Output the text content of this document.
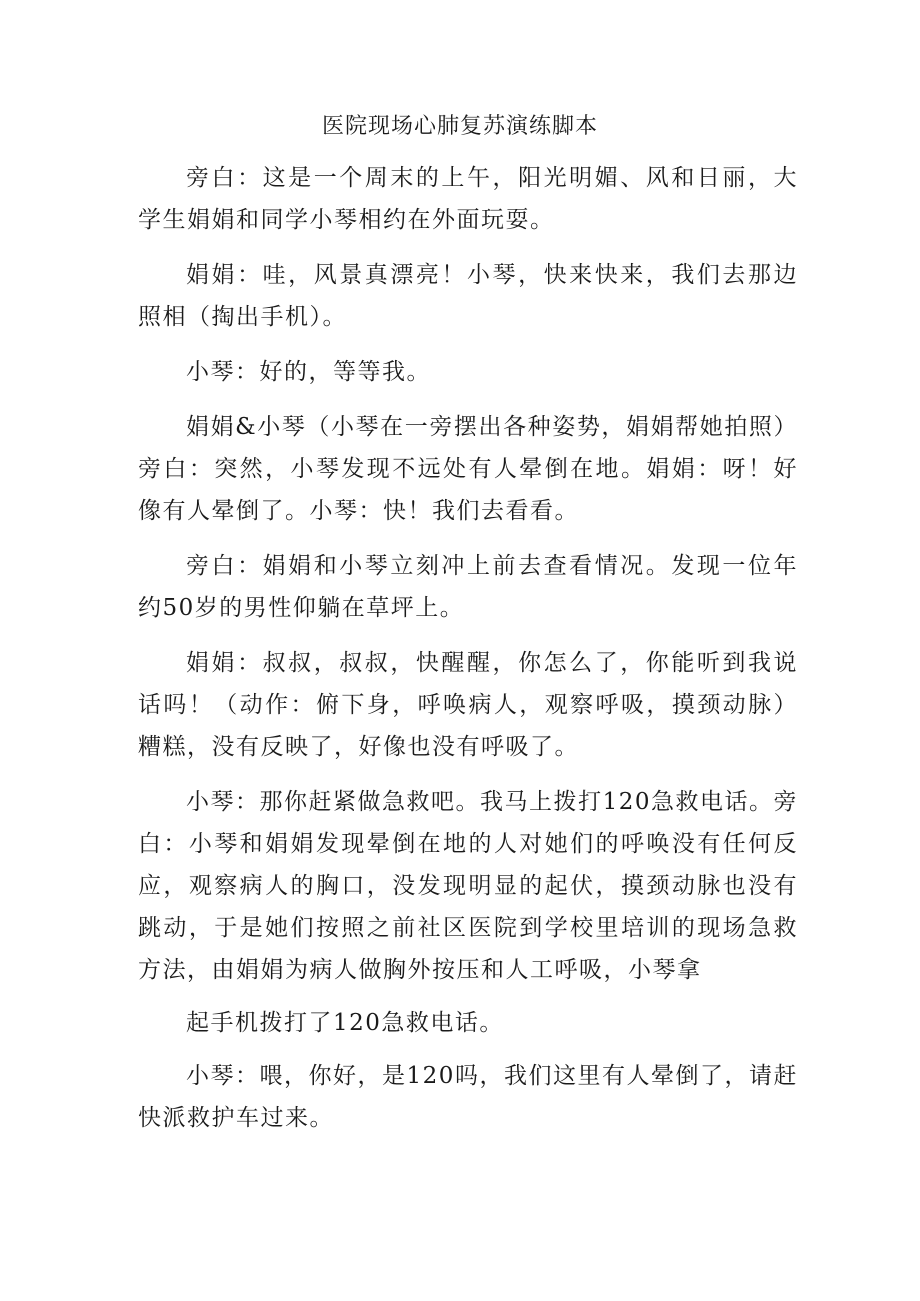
医院现场心肺复苏演练脚本

旁白：这是一个周末的上午，阳光明媚、风和日丽，大学生娟娟和同学小琴相约在外面玩耍。

娟娟：哇，风景真漂亮！小琴，快来快来，我们去那边照相（掏出手机）。

小琴：好的，等等我。

娟娟&小琴（小琴在一旁摆出各种姿势，娟娟帮她拍照）旁白：突然，小琴发现不远处有人晕倒在地。娟娟：呀！好像有人晕倒了。小琴：快！我们去看看。

旁白：娟娟和小琴立刻冲上前去查看情况。发现一位年约50岁的男性仰躺在草坪上。

娟娟：叔叔，叔叔，快醒醒，你怎么了，你能听到我说话吗！（动作：俯下身，呼唤病人，观察呼吸，摸颈动脉）糟糕，没有反映了，好像也没有呼吸了。

小琴：那你赶紧做急救吧。我马上拨打120急救电话。旁白：小琴和娟娟发现晕倒在地的人对她们的呼唤没有任何反应，观察病人的胸口，没发现明显的起伏，摸颈动脉也没有跳动，于是她们按照之前社区医院到学校里培训的现场急救方法，由娟娟为病人做胸外按压和人工呼吸，小琴拿

起手机拨打了120急救电话。

小琴：喂，你好，是120吗，我们这里有人晕倒了，请赶快派救护车过来。
